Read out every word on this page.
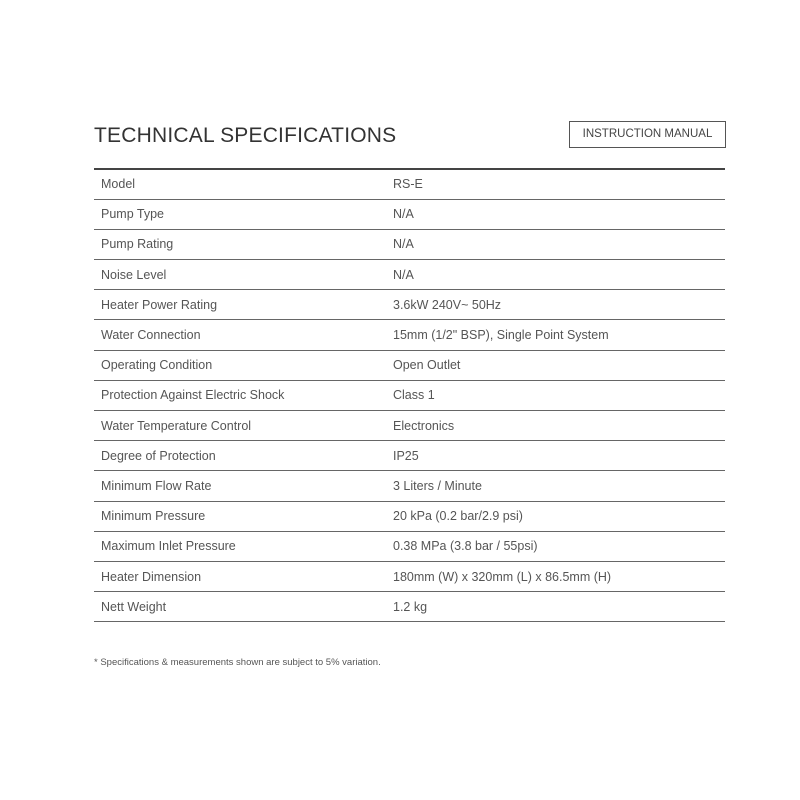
TECHNICAL SPECIFICATIONS	INSTRUCTION MANUAL
Model	RS-E
Pump Type	N/A
Pump Rating	N/A
Noise Level	N/A
Heater Power Rating	3.6kW 240V~ 50Hz
Water Connection	15mm (1/2" BSP), Single Point System
Operating Condition	Open Outlet
Protection Against Electric Shock	Class 1
Water Temperature Control	Electronics
Degree of Protection	IP25
Minimum Flow Rate	3 Liters / Minute
Minimum Pressure	20 kPa (0.2 bar/2.9 psi)
Maximum Inlet Pressure	0.38 MPa (3.8 bar / 55psi)
Heater Dimension	180mm (W) x 320mm (L) x 86.5mm (H)
Nett Weight	1.2 kg

* Specifications & measurements shown are subject to 5% variation.
